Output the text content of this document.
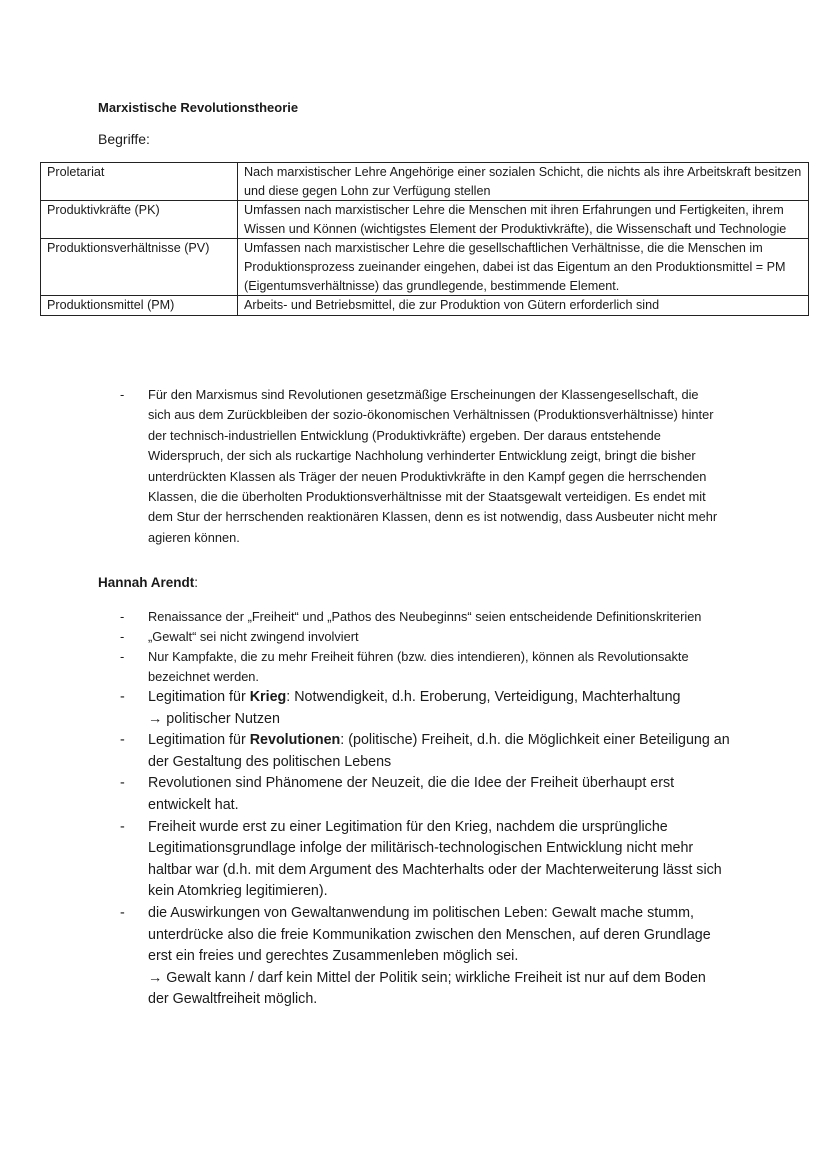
Marxistische Revolutionstheorie
Begriffe:
Proletariat	Nach marxistischer Lehre Angehörige einer sozialen Schicht, die nichts als ihre Arbeitskraft besitzen und diese gegen Lohn zur Verfügung stellen
Produktivkräfte (PK)	Umfassen nach marxistischer Lehre die Menschen mit ihren Erfahrungen und Fertigkeiten, ihrem Wissen und Können (wichtigstes Element der Produktivkräfte), die Wissenschaft und Technologie
Produktionsverhältnisse (PV)	Umfassen nach marxistischer Lehre die gesellschaftlichen Verhältnisse, die die Menschen im Produktionsprozess zueinander eingehen, dabei ist das Eigentum an den Produktionsmittel = PM (Eigentumsverhältnisse) das grundlegende, bestimmende Element.
Produktionsmittel (PM)	Arbeits- und Betriebsmittel, die zur Produktion von Gütern erforderlich sind
- Für den Marxismus sind Revolutionen gesetzmäßige Erscheinungen der Klassengesellschaft, die sich aus dem Zurückbleiben der sozio-ökonomischen Verhältnissen (Produktionsverhältnisse) hinter der technisch-industriellen Entwicklung (Produktivkräfte) ergeben. Der daraus entstehende Widerspruch, der sich als ruckartige Nachholung verhinderter Entwicklung zeigt, bringt die bisher unterdrückten Klassen als Träger der neuen Produktivkräfte in den Kampf gegen die herrschenden Klassen, die die überholten Produktionsverhältnisse mit der Staatsgewalt verteidigen. Es endet mit dem Stur der herrschenden reaktionären Klassen, denn es ist notwendig, dass Ausbeuter nicht mehr agieren können.
Hannah Arendt:
- Renaissance der „Freiheit“ und „Pathos des Neubeginns“ seien entscheidende Definitionskriterien
- „Gewalt“ sei nicht zwingend involviert
- Nur Kampfakte, die zu mehr Freiheit führen (bzw. dies intendieren), können als Revolutionsakte bezeichnet werden.
- Legitimation für Krieg: Notwendigkeit, d.h. Eroberung, Verteidigung, Machterhaltung
→ politischer Nutzen
- Legitimation für Revolutionen: (politische) Freiheit, d.h. die Möglichkeit einer Beteiligung an der Gestaltung des politischen Lebens
- Revolutionen sind Phänomene der Neuzeit, die die Idee der Freiheit überhaupt erst entwickelt hat.
- Freiheit wurde erst zu einer Legitimation für den Krieg, nachdem die ursprüngliche Legitimationsgrundlage infolge der militärisch-technologischen Entwicklung nicht mehr haltbar war (d.h. mit dem Argument des Machterhalts oder der Machterweiterung lässt sich kein Atomkrieg legitimieren).
- die Auswirkungen von Gewaltanwendung im politischen Leben: Gewalt mache stumm, unterdrücke also die freie Kommunikation zwischen den Menschen, auf deren Grundlage erst ein freies und gerechtes Zusammenleben möglich sei.
→ Gewalt kann / darf kein Mittel der Politik sein; wirkliche Freiheit ist nur auf dem Boden der Gewaltfreiheit möglich.
